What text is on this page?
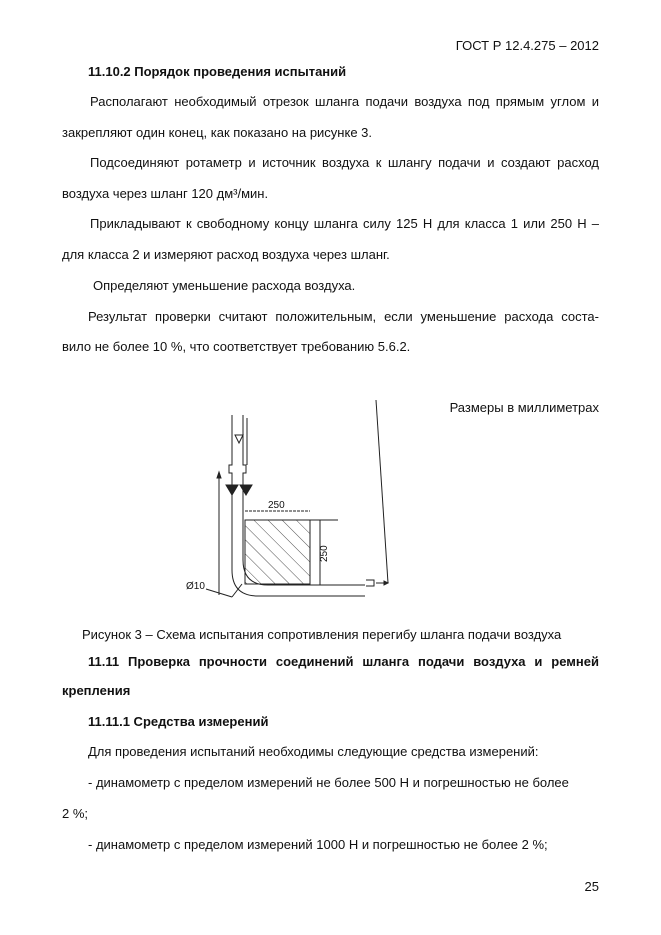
ГОСТ Р 12.4.275 – 2012
11.10.2 Порядок проведения испытаний
Располагают необходимый отрезок шланга подачи воздуха под прямым углом и
закрепляют один конец, как показано на рисунке 3.
Подсоединяют ротаметр и источник воздуха к шлангу подачи и создают расход
воздуха через шланг 120 дм³/мин.
Прикладывают к свободному концу шланга силу 125 Н для класса 1 или 250 Н –
для класса 2 и измеряют расход воздуха через шланг.
Определяют уменьшение расхода воздуха.
Результат проверки считают положительным, если уменьшение расхода соста-
вило не более 10 %, что соответствует требованию 5.6.2.
Размеры в миллиметрах
250
250
Ø10
Рисунок 3 – Схема испытания сопротивления перегибу шланга подачи воздуха
11.11 Проверка прочности соединений шланга подачи воздуха и ремней
крепления
11.11.1 Средства измерений
Для проведения испытаний необходимы следующие средства измерений:
- динамометр с пределом измерений не более 500 Н и погрешностью не более
2 %;
- динамометр с пределом измерений 1000 Н и погрешностью не более 2 %;
25
